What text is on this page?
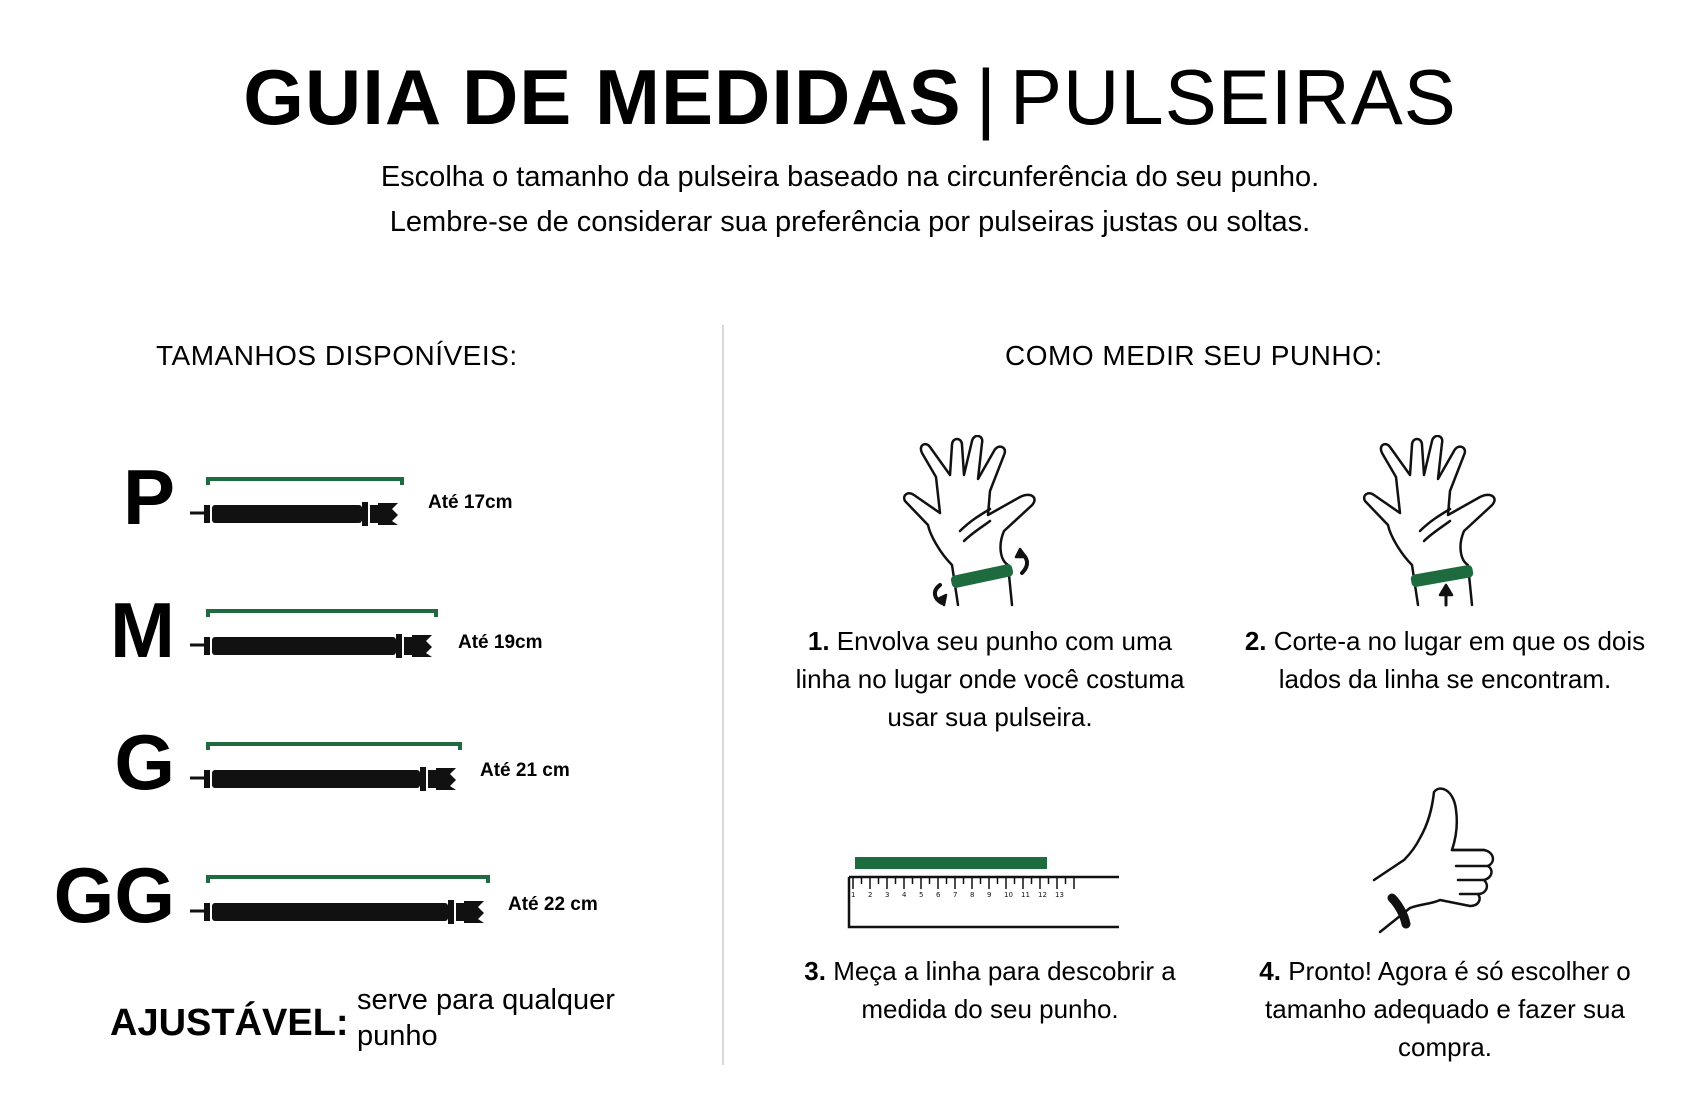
GUIA DE MEDIDAS | PULSEIRAS
Escolha o tamanho da pulseira baseado na circunferência do seu punho.
Lembre-se de considerar sua preferência por pulseiras justas ou soltas.
TAMANHOS DISPONÍVEIS:
P	Até 17cm
M	Até 19cm
G	Até 21 cm
GG	Até 22 cm
AJUSTÁVEL:
serve para qualquer punho
COMO MEDIR SEU PUNHO:
1. Envolva seu punho com uma linha no lugar onde você costuma usar sua pulseira.
2. Corte-a no lugar em que os dois lados da linha se encontram.
1 2 3 4 5 6 7 8 9 10 11 12 13
3. Meça a linha para descobrir a medida do seu punho.
4. Pronto! Agora é só escolher o tamanho adequado e fazer sua compra.
